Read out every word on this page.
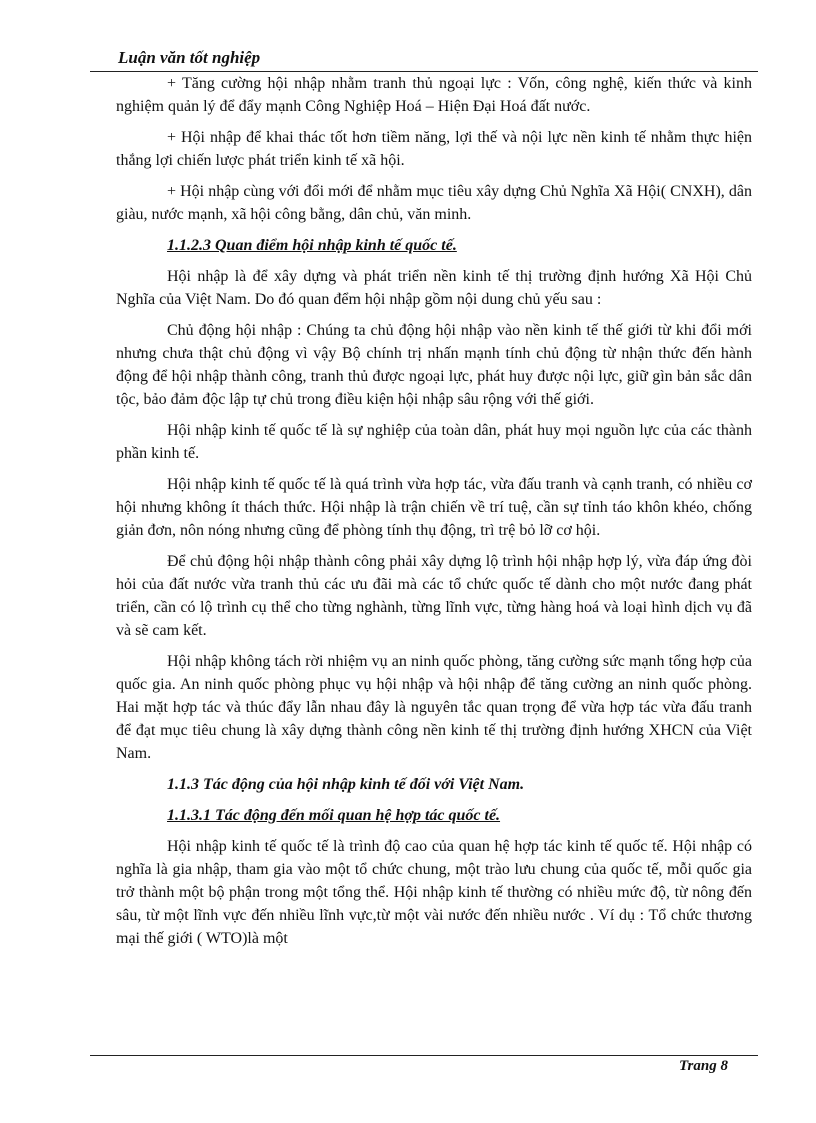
Luận văn tốt nghiệp

+ Tăng cường hội nhập nhằm tranh thủ ngoại lực : Vốn, công nghệ, kiến thức và kinh nghiệm quản lý để đẩy mạnh Công Nghiệp Hoá – Hiện Đại Hoá đất nước.

+ Hội nhập để khai thác tốt hơn tiềm năng, lợi thế và nội lực nền kinh tế nhằm thực hiện thắng lợi chiến lược phát triển kinh tế xã hội.

+ Hội nhập cùng với đổi mới để nhằm mục tiêu xây dựng Chủ Nghĩa Xã Hội( CNXH), dân giàu, nước mạnh, xã hội công bằng, dân chủ, văn minh.

1.1.2.3 Quan điểm hội nhập kinh tế quốc tế.

Hội nhập là để xây dựng và phát triển nền kinh tế thị trường định hướng Xã Hội Chủ Nghĩa của Việt Nam. Do đó quan đểm hội nhập gồm nội dung chủ yếu sau :

Chủ động hội nhập : Chúng ta chủ động hội nhập vào nền kinh tế thế giới từ khi đổi mới nhưng chưa thật chủ động vì vậy Bộ chính trị nhấn mạnh tính chủ động từ nhận thức đến hành động để hội nhập thành công, tranh thủ được ngoại lực, phát huy được nội lực, giữ gìn bản sắc dân tộc, bảo đảm độc lập tự chủ trong điều kiện hội nhập sâu rộng với thế giới.

Hội nhập kinh tế quốc tế là sự nghiệp của toàn dân, phát huy mọi nguồn lực của các thành phần kinh tế.

Hội nhập kinh tế quốc tế là quá trình vừa hợp tác, vừa đấu tranh và cạnh tranh, có nhiều cơ hội nhưng không ít thách thức. Hội nhập là trận chiến về trí tuệ, cần sự tỉnh táo khôn khéo, chống giản đơn, nôn nóng nhưng cũng để phòng tính thụ động, trì trệ bỏ lỡ cơ hội.

Để chủ động hội nhập thành công phải xây dựng lộ trình hội nhập hợp lý, vừa đáp ứng đòi hỏi của đất nước vừa tranh thủ các ưu đãi mà các tổ chức quốc tế dành cho một nước đang phát triển, cần có lộ trình cụ thể cho từng nghành, từng lĩnh vực, từng hàng hoá và loại hình dịch vụ đã và sẽ cam kết.

Hội nhập không tách rời nhiệm vụ an ninh quốc phòng, tăng cường sức mạnh tổng hợp của quốc gia. An ninh quốc phòng phục vụ hội nhập và hội nhập để tăng cường an ninh quốc phòng. Hai mặt hợp tác và thúc đẩy lẫn nhau đây là nguyên tắc quan trọng để vừa hợp tác vừa đấu tranh để đạt mục tiêu chung là xây dựng thành công nền kinh tế thị trường định hướng XHCN của Việt Nam.

1.1.3 Tác động của hội nhập kinh tế đối với Việt Nam.

1.1.3.1 Tác động đến mối quan hệ hợp tác quốc tế.

Hội nhập kinh tế quốc tế là trình độ cao của quan hệ hợp tác kinh tế quốc tế. Hội nhập có nghĩa là gia nhập, tham gia vào một tổ chức chung, một trào lưu chung của quốc tế, mỗi quốc gia trở thành một bộ phận trong một tổng thể. Hội nhập kinh tế thường có nhiều mức độ, từ nông đến sâu, từ một lĩnh vực đến nhiều lĩnh vực,từ một vài nước đến nhiều nước . Ví dụ : Tổ chức thương mại thế giới ( WTO)là một

Trang 8
